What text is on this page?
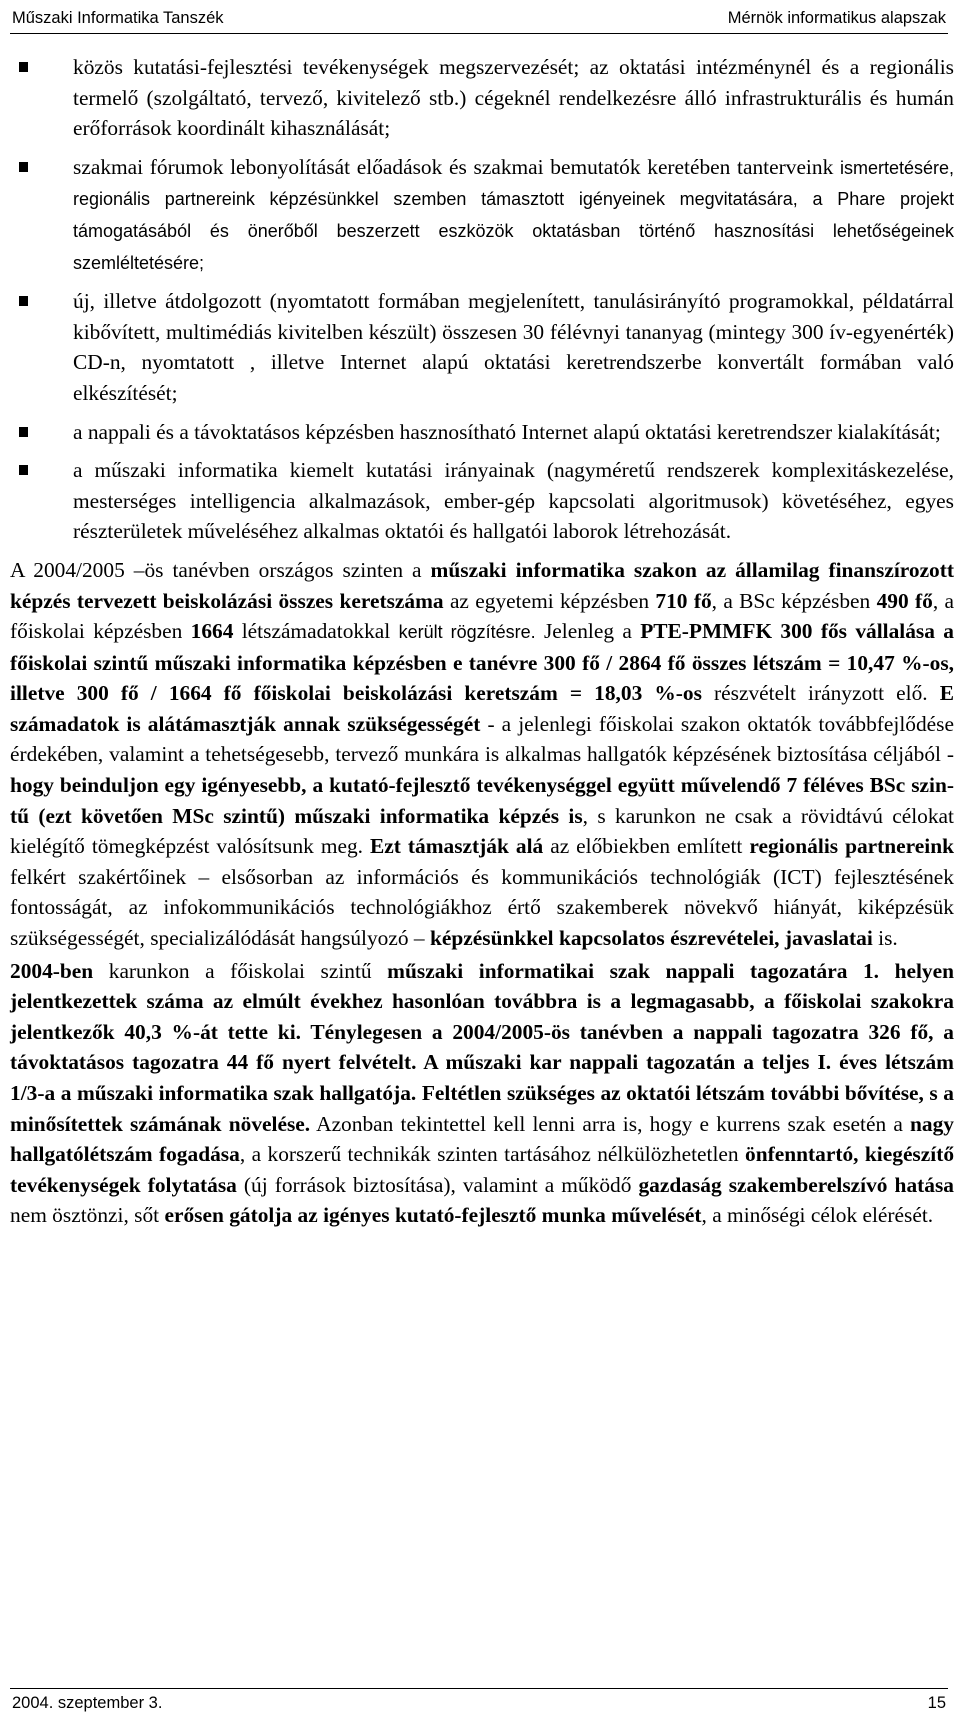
Műszaki Informatika Tanszék	Mérnök informatikus alapszak
közös kutatási-fejlesztési tevékenységek megszervezését; az oktatási intézménynél és a regionális termelő (szolgáltató, tervező, kivitelező stb.) cégeknél rendelkezésre álló infrastrukturális és humán erőforrások koordinált kihasználását;
szakmai fórumok lebonyolítását előadások és szakmai bemutatók keretében tanterveink ismertetésére, regionális partnereink képzésünkkel szemben támasztott igényeinek megvitatására, a Phare projekt támogatásából és önerőből beszerzett eszközök oktatásban történő hasznosítási lehetőségeinek szemléltetésére;
új, illetve átdolgozott (nyomtatott formában megjelenített, tanulásirányító programokkal, példatárral kibővített, multimédiás kivitelben készült) összesen 30 félévnyi tananyag (mintegy 300 ív-egyenérték) CD-n, nyomtatott , illetve Internet alapú oktatási keretrendszerbe konvertált formában való elkészítését;
a nappali és a távoktatásos képzésben hasznosítható Internet alapú oktatási keretrendszer kialakítását;
a műszaki informatika kiemelt kutatási irányainak (nagyméretű rendszerek komplexitáskezelése, mesterséges intelligencia alkalmazások, ember-gép kapcsolati algoritmusok) követéséhez, egyes részterületek műveléséhez alkalmas oktatói és hallgatói laborok létrehozását.

A 2004/2005 –ös tanévben országos szinten a műszaki informatika szakon az államilag finanszírozott képzés tervezett beiskolázási összes keretszáma az egyetemi képzésben 710 fő, a BSc képzésben 490 fő, a főiskolai képzésben 1664 létszámadatokkal került rögzítésre. Jelenleg a PTE-PMMFK 300 fős vállalása a főiskolai szintű műszaki informatika képzésben e tanévre 300 fő / 2864 fő összes létszám = 10,47 %-os, illetve 300 fő / 1664 fő főiskolai beiskolázási keretszám = 18,03 %-os részvételt irányzott elő. E számadatok is alátámasztják annak szükségességét - a jelenlegi főiskolai szakon oktatók továbbfejlődése érdekében, valamint a tehetségesebb, tervező munkára is alkalmas hallgatók képzésének biztosítása céljából - hogy beinduljon egy igényesebb, a kutató-fejlesztő tevékenységgel együtt művelendő 7 féléves BSc szintű (ezt követően MSc szintű) műszaki informatika képzés is, s karunkon ne csak a rövidtávú célokat kielégítő tömegképzést valósítsunk meg. Ezt támasztják alá az előbiekben említett regionális partnereink felkért szakértőinek – elsősorban az információs és kommunikációs technológiák (ICT) fejlesztésének fontosságát, az infokommunikációs technológiákhoz értő szakemberek növekvő hiányát, kiképzésük szükségességét, specializálódását hangsúlyozó – képzésünkkel kapcsolatos észrevételei, javaslatai is.

2004-ben karunkon a főiskolai szintű műszaki informatikai szak nappali tagozatára 1. helyen jelentkezettek száma az elmúlt évekhez hasonlóan továbbra is a legmagasabb, a főiskolai szakokra jelentkezők 40,3 %-át tette ki. Ténylegesen a 2004/2005-ös tanévben a nappali tagozatra 326 fő, a távoktatásos tagozatra 44 fő nyert felvételt. A műszaki kar nappali tagozatán a teljes I. éves létszám 1/3-a a műszaki informatika szak hallgatója. Feltétlen szükséges az oktatói létszám további bővítése, s a minősítettek számának növelése. Azonban tekintettel kell lenni arra is, hogy e kurrens szak esetén a nagy hallgatólétszám fogadása, a korszerű technikák szinten tartásához nélkülözhetetlen önfenntartó, kiegészítő tevékenységek folytatása (új források biztosítása), valamint a működő gazdaság szakemberelszívó hatása nem ösztönzi, sőt erősen gátolja az igényes kutató-fejlesztő munka művelését, a minőségi célok elérését.

2004. szeptember 3.	15
